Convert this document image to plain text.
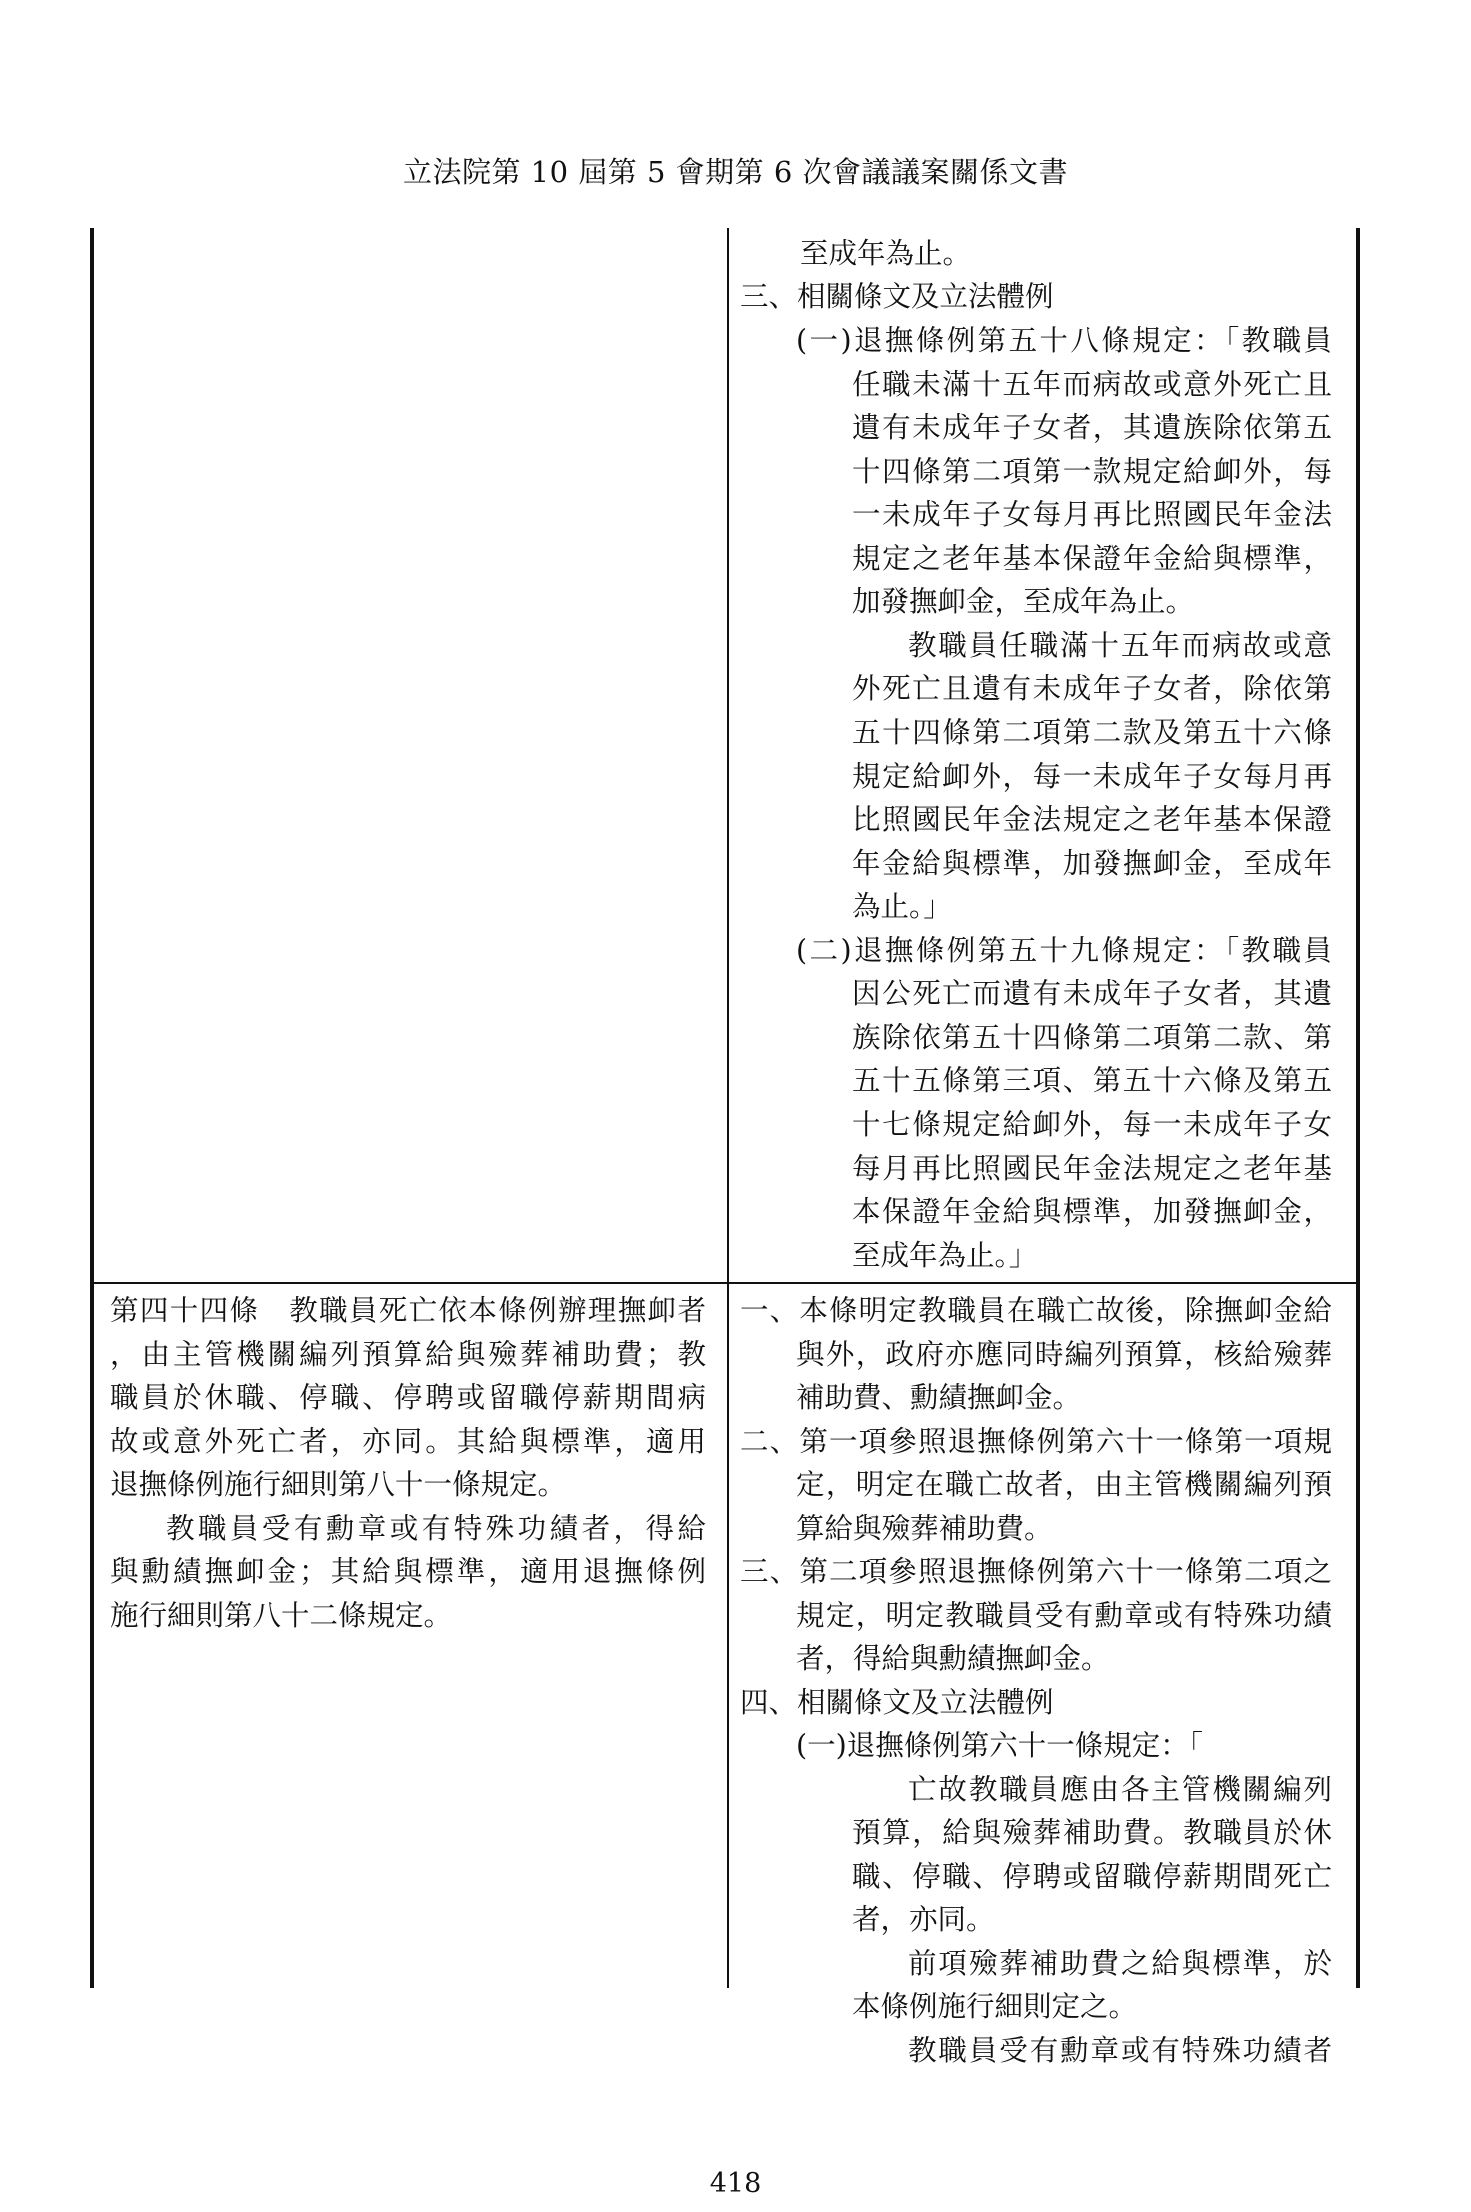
立法院第 10 屆第 5 會期第 6 次會議議案關係文書
至成年為止。
三、相關條文及立法體例
(一)退撫條例第五十八條規定：「教職員
任職未滿十五年而病故或意外死亡且
遺有未成年子女者，其遺族除依第五
十四條第二項第一款規定給卹外，每
一未成年子女每月再比照國民年金法
規定之老年基本保證年金給與標準，
加發撫卹金，至成年為止。
教職員任職滿十五年而病故或意
外死亡且遺有未成年子女者，除依第
五十四條第二項第二款及第五十六條
規定給卹外，每一未成年子女每月再
比照國民年金法規定之老年基本保證
年金給與標準，加發撫卹金，至成年
為止。」
(二)退撫條例第五十九條規定：「教職員
因公死亡而遺有未成年子女者，其遺
族除依第五十四條第二項第二款、第
五十五條第三項、第五十六條及第五
十七條規定給卹外，每一未成年子女
每月再比照國民年金法規定之老年基
本保證年金給與標準，加發撫卹金，
至成年為止。」
第四十四條　教職員死亡依本條例辦理撫卹者
，由主管機關編列預算給與殮葬補助費；教
職員於休職、停職、停聘或留職停薪期間病
故或意外死亡者，亦同。其給與標準，適用
退撫條例施行細則第八十一條規定。
教職員受有勳章或有特殊功績者，得給
與勳績撫卹金；其給與標準，適用退撫條例
施行細則第八十二條規定。
一、本條明定教職員在職亡故後，除撫卹金給
與外，政府亦應同時編列預算，核給殮葬
補助費、勳績撫卹金。
二、第一項參照退撫條例第六十一條第一項規
定，明定在職亡故者，由主管機關編列預
算給與殮葬補助費。
三、第二項參照退撫條例第六十一條第二項之
規定，明定教職員受有勳章或有特殊功績
者，得給與勳績撫卹金。
四、相關條文及立法體例
(一)退撫條例第六十一條規定：「
亡故教職員應由各主管機關編列
預算，給與殮葬補助費。教職員於休
職、停職、停聘或留職停薪期間死亡
者，亦同。
前項殮葬補助費之給與標準，於
本條例施行細則定之。
教職員受有勳章或有特殊功績者
418
